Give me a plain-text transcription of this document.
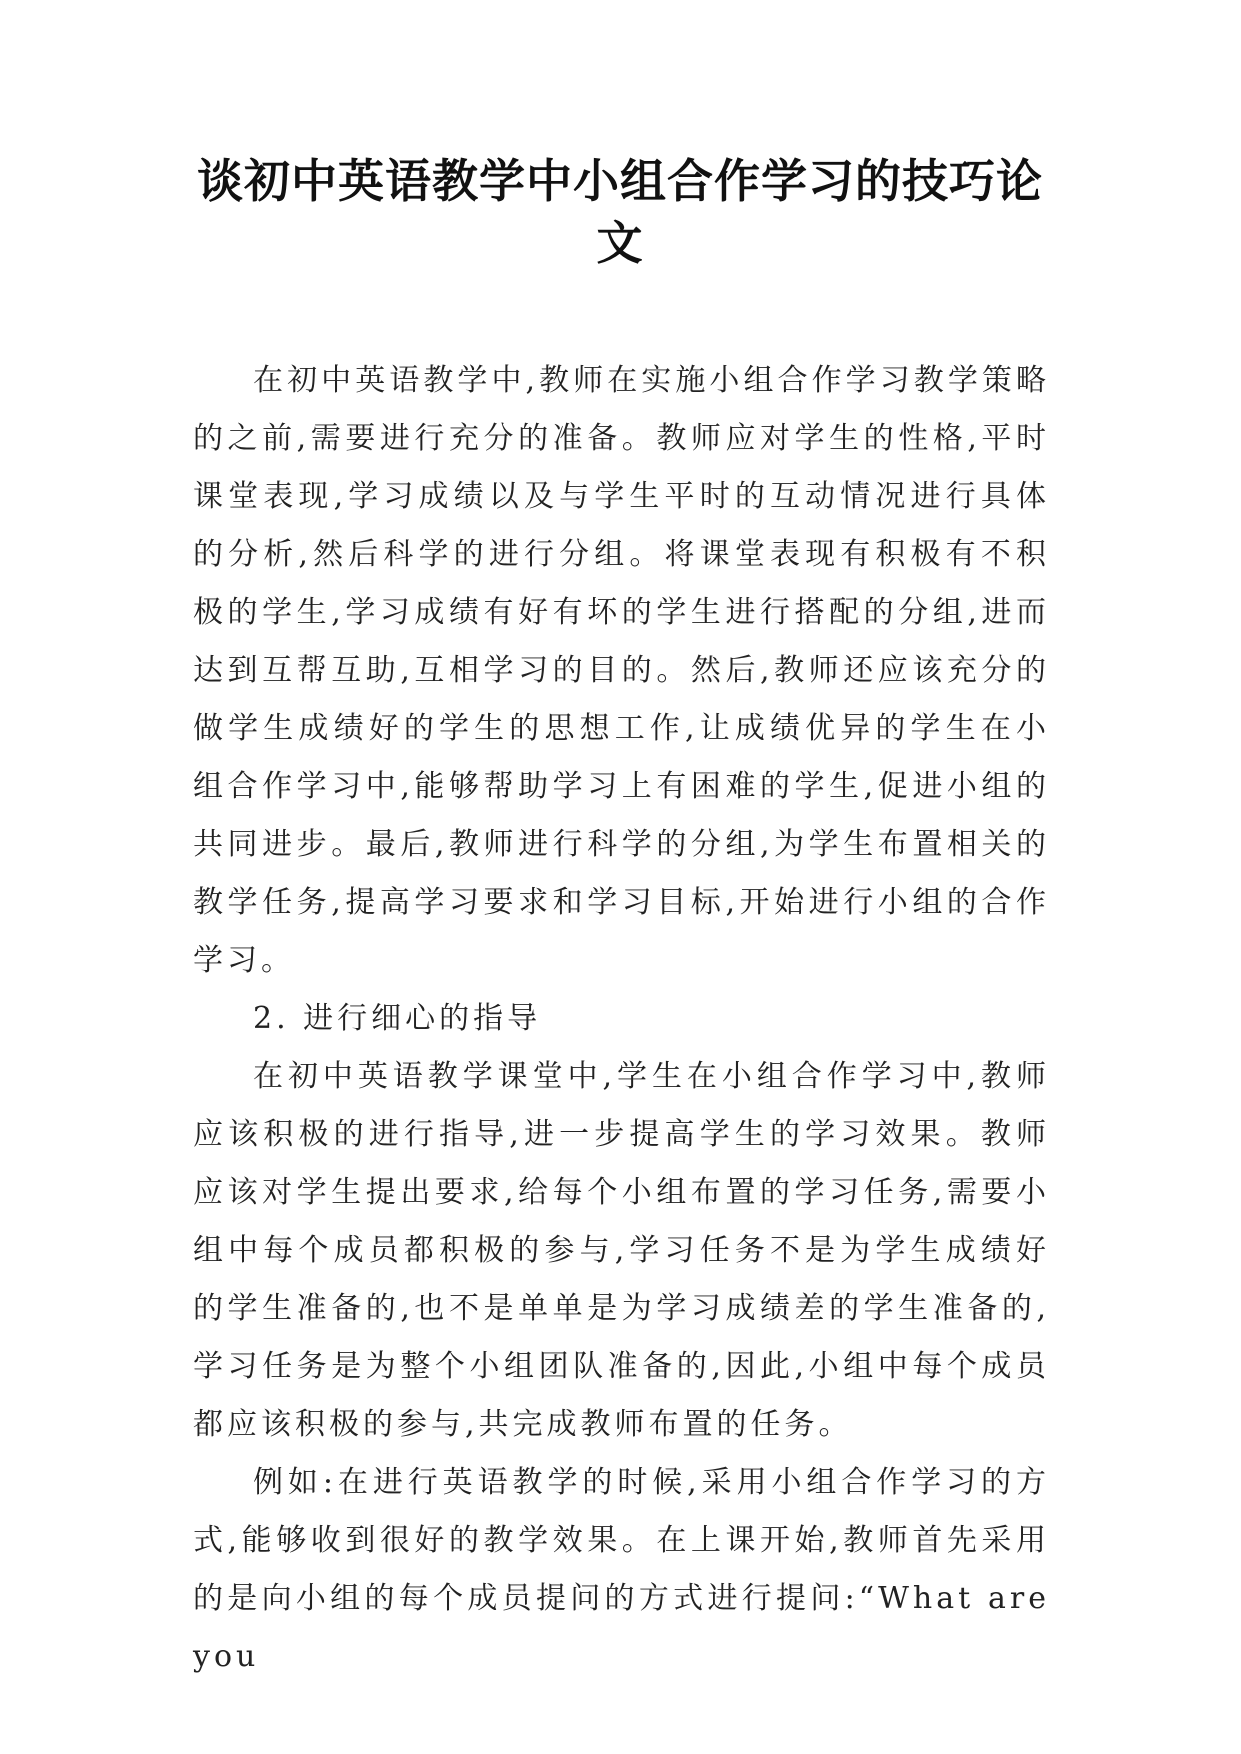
谈初中英语教学中小组合作学习的技巧论文

在初中英语教学中,教师在实施小组合作学习教学策略的之前,需要进行充分的准备。教师应对学生的性格,平时课堂表现,学习成绩以及与学生平时的互动情况进行具体的分析,然后科学的进行分组。将课堂表现有积极有不积极的学生,学习成绩有好有坏的学生进行搭配的分组,进而达到互帮互助,互相学习的目的。然后,教师还应该充分的做学生成绩好的学生的思想工作,让成绩优异的学生在小组合作学习中,能够帮助学习上有困难的学生,促进小组的共同进步。最后,教师进行科学的分组,为学生布置相关的教学任务,提高学习要求和学习目标,开始进行小组的合作学习。

2. 进行细心的指导

在初中英语教学课堂中,学生在小组合作学习中,教师应该积极的进行指导,进一步提高学生的学习效果。教师应该对学生提出要求,给每个小组布置的学习任务,需要小组中每个成员都积极的参与,学习任务不是为学生成绩好的学生准备的,也不是单单是为学习成绩差的学生准备的, 学习任务是为整个小组团队准备的,因此,小组中每个成员都应该积极的参与,共完成教师布置的任务。

例如:在进行英语教学的时候,采用小组合作学习的方式,能够收到很好的教学效果。在上课开始,教师首先采用的是向小组的每个成员提问的方式进行提问:“What are you
